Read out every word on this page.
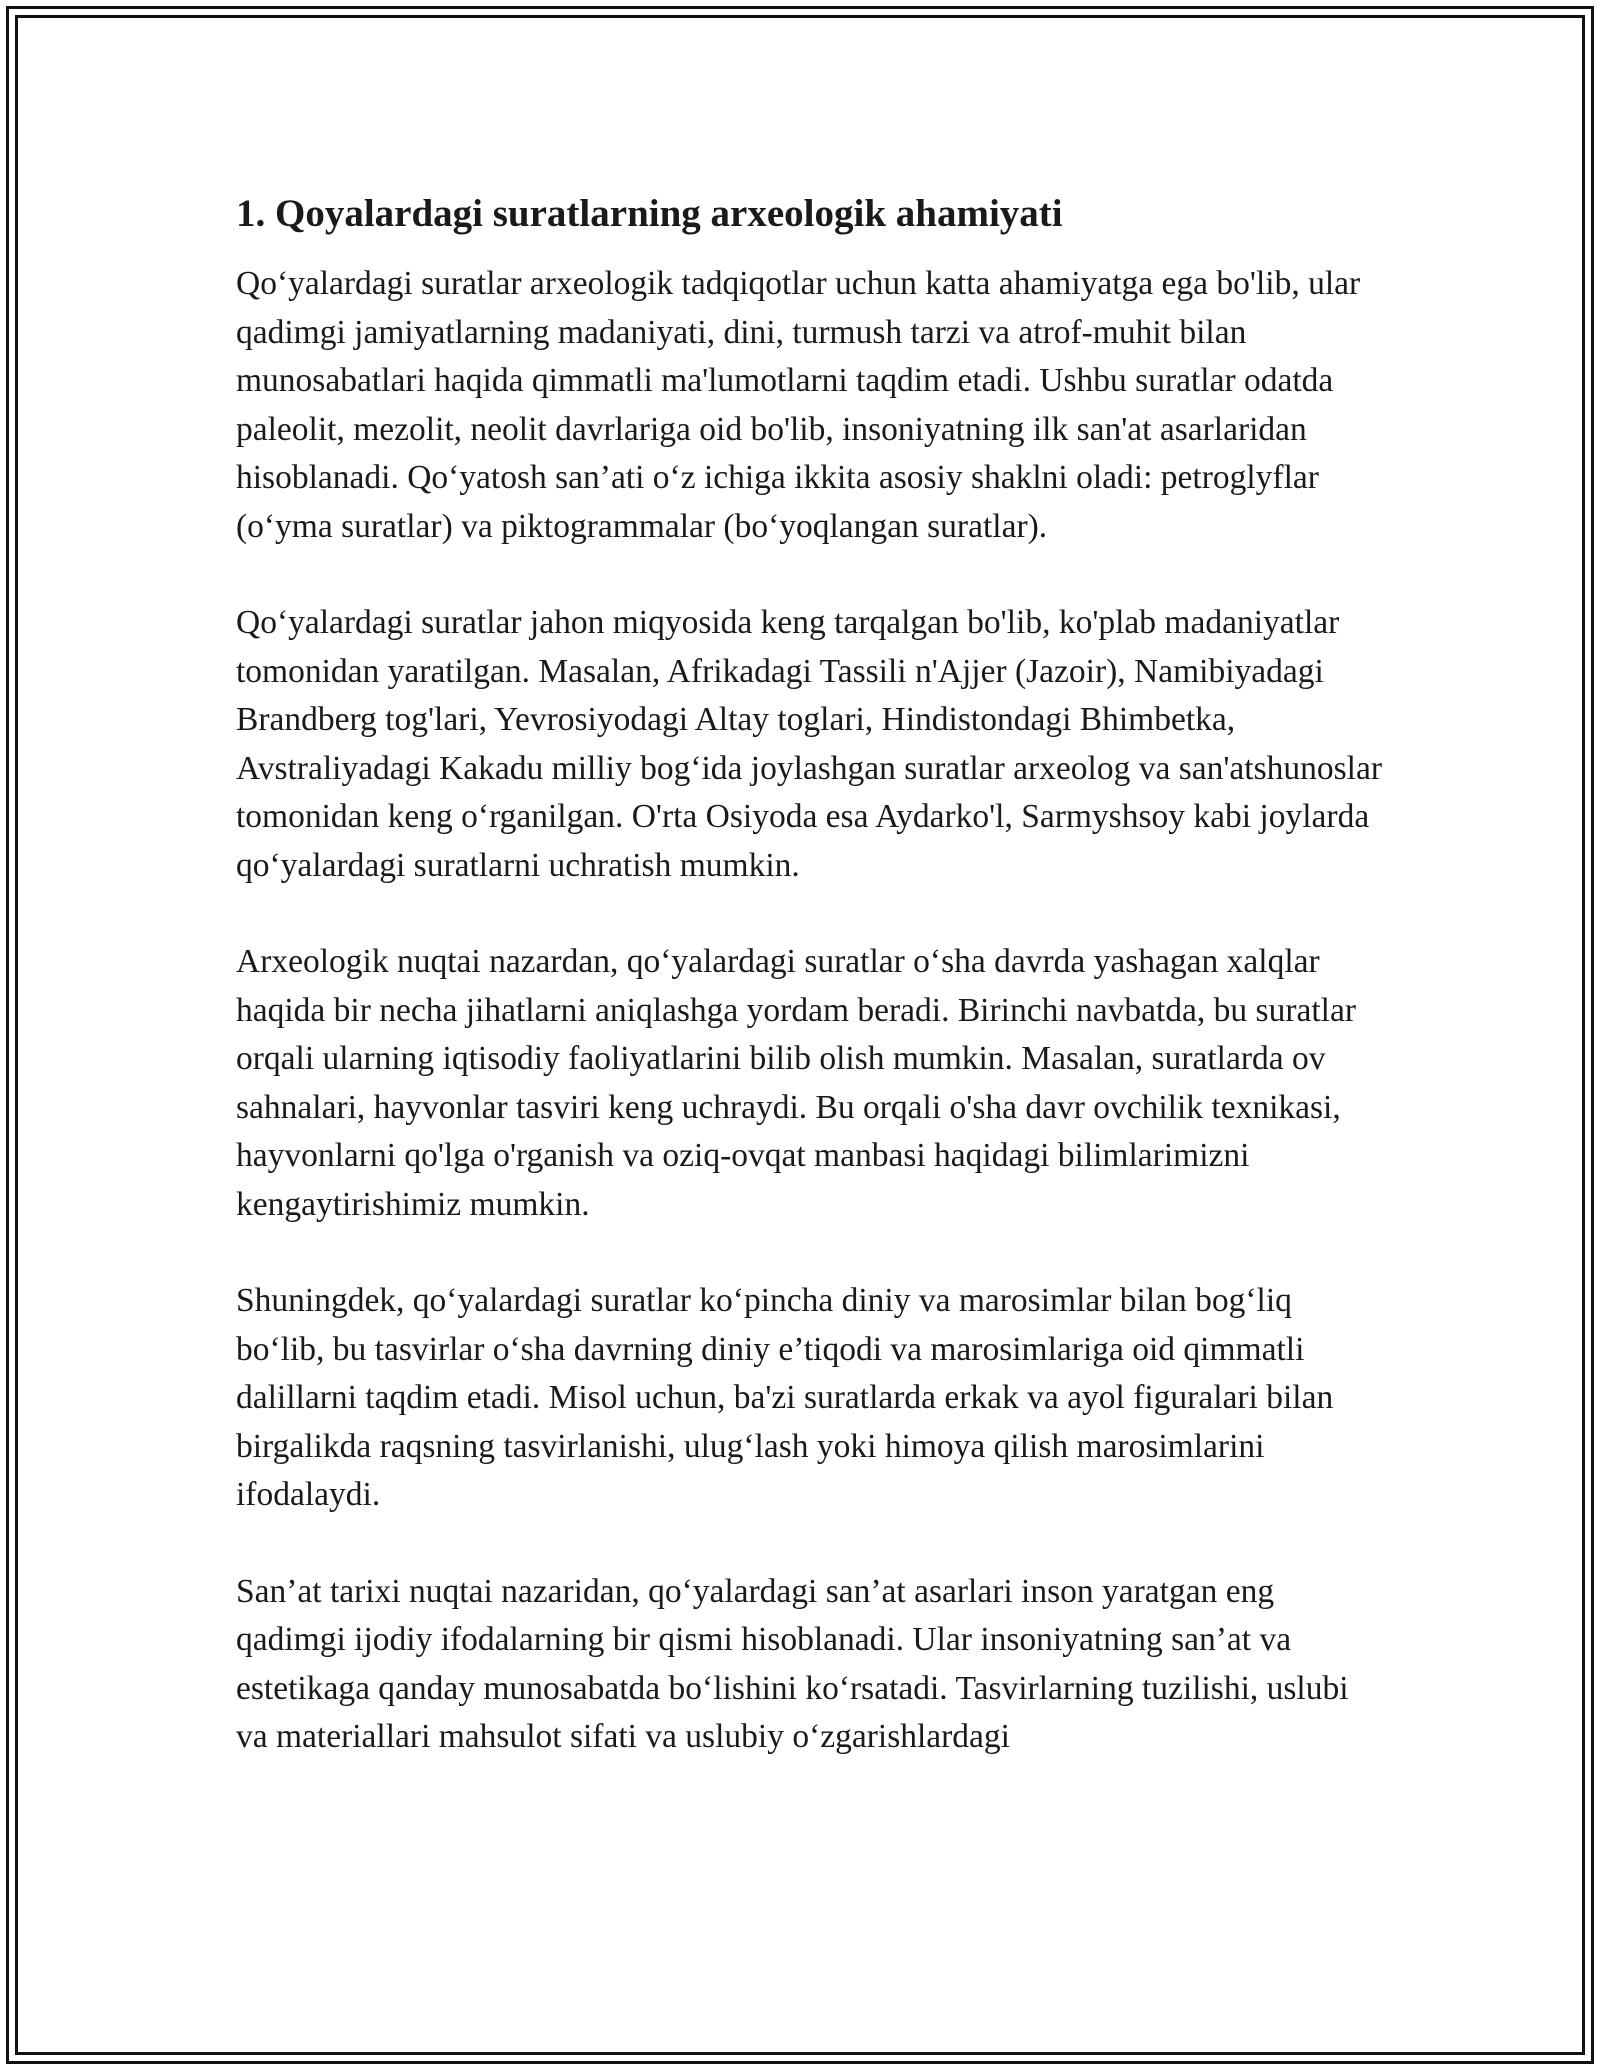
1. Qoyalardagi suratlarning arxeologik ahamiyati

Qo‘yalardagi suratlar arxeologik tadqiqotlar uchun katta ahamiyatga ega bo'lib, ular qadimgi jamiyatlarning madaniyati, dini, turmush tarzi va atrof-muhit bilan munosabatlari haqida qimmatli ma'lumotlarni taqdim etadi. Ushbu suratlar odatda paleolit, mezolit, neolit davrlariga oid bo'lib, insoniyatning ilk san'at asarlaridan hisoblanadi. Qo‘yatosh san’ati o‘z ichiga ikkita asosiy shaklni oladi: petroglyflar (o‘yma suratlar) va piktogrammalar (bo‘yoqlangan suratlar).

Qo‘yalardagi suratlar jahon miqyosida keng tarqalgan bo'lib, ko'plab madaniyatlar tomonidan yaratilgan. Masalan, Afrikadagi Tassili n'Ajjer (Jazoir), Namibiyadagi Brandberg tog'lari, Yevrosiyodagi Altay toglari, Hindistondagi Bhimbetka, Avstraliyadagi Kakadu milliy bog‘ida joylashgan suratlar arxeolog va san'atshunoslar tomonidan keng o‘rganilgan. O'rta Osiyoda esa Aydarko'l, Sarmyshsoy kabi joylarda qo‘yalardagi suratlarni uchratish mumkin.

Arxeologik nuqtai nazardan, qo‘yalardagi suratlar o‘sha davrda yashagan xalqlar haqida bir necha jihatlarni aniqlashga yordam beradi. Birinchi navbatda, bu suratlar orqali ularning iqtisodiy faoliyatlarini bilib olish mumkin. Masalan, suratlarda ov sahnalari, hayvonlar tasviri keng uchraydi. Bu orqali o'sha davr ovchilik texnikasi, hayvonlarni qo'lga o'rganish va oziq-ovqat manbasi haqidagi bilimlarimizni kengaytirishimiz mumkin.

Shuningdek, qo‘yalardagi suratlar ko‘pincha diniy va marosimlar bilan bog‘liq bo‘lib, bu tasvirlar o‘sha davrning diniy e’tiqodi va marosimlariga oid qimmatli dalillarni taqdim etadi. Misol uchun, ba'zi suratlarda erkak va ayol figuralari bilan birgalikda raqsning tasvirlanishi, ulug‘lash yoki himoya qilish marosimlarini ifodalaydi.

San’at tarixi nuqtai nazaridan, qo‘yalardagi san’at asarlari inson yaratgan eng qadimgi ijodiy ifodalarning bir qismi hisoblanadi. Ular insoniyatning san’at va estetikaga qanday munosabatda bo‘lishini ko‘rsatadi. Tasvirlarning tuzilishi, uslubi va materiallari mahsulot sifati va uslubiy o‘zgarishlardagi
